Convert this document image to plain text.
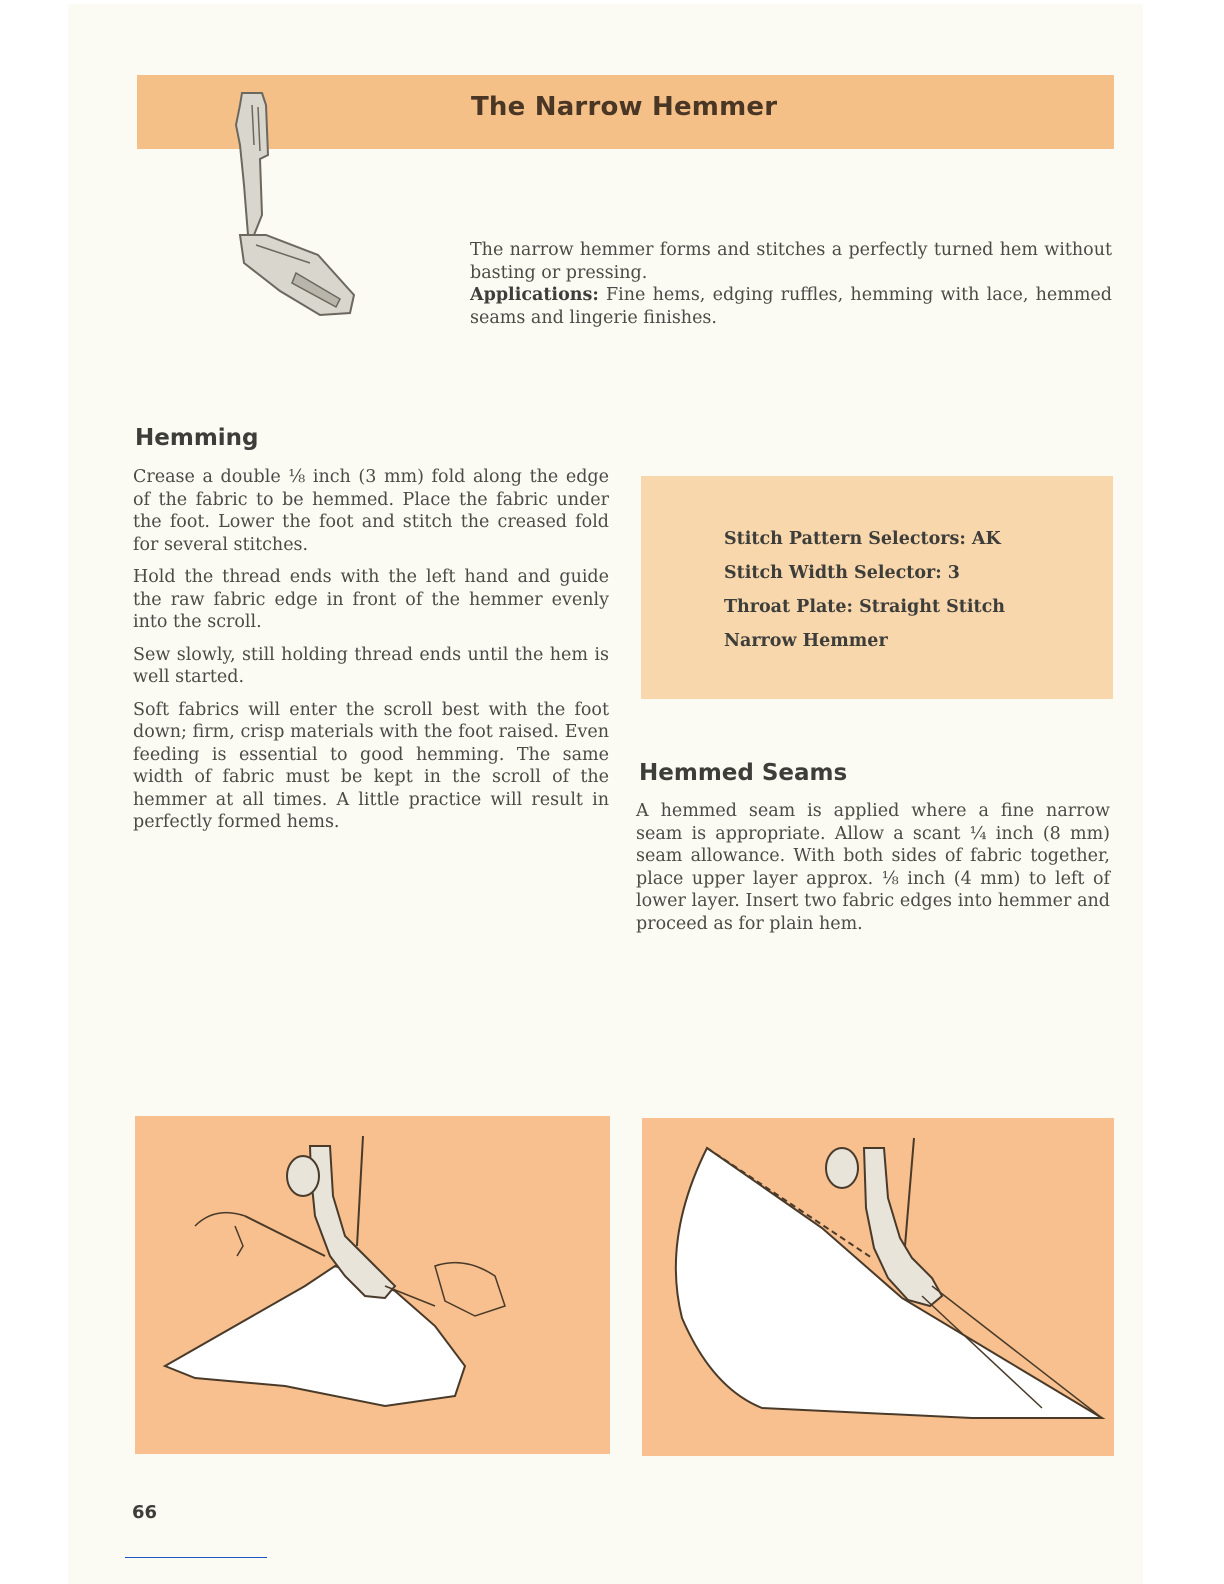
The Narrow Hemmer

The narrow hemmer forms and stitches a perfectly turned hem without basting or pressing.

Applications: Fine hems, edging ruffles, hemming with lace, hemmed seams and lingerie finishes.

Hemming

Crease a double ⅛ inch (3 mm) fold along the edge of the fabric to be hemmed. Place the fabric under the foot. Lower the foot and stitch the creased fold for several stitches.

Hold the thread ends with the left hand and guide the raw fabric edge in front of the hemmer evenly into the scroll.

Sew slowly, still holding thread ends until the hem is well started.

Soft fabrics will enter the scroll best with the foot down; firm, crisp materials with the foot raised. Even feeding is essential to good hemming. The same width of fabric must be kept in the scroll of the hemmer at all times. A little practice will result in perfectly formed hems.

Stitch Pattern Selectors: AK
Stitch Width Selector: 3
Throat Plate: Straight Stitch
Narrow Hemmer
Hemmed Seams

A hemmed seam is applied where a fine narrow seam is appropriate. Allow a scant ¼ inch (8 mm) seam allowance. With both sides of fabric together, place upper layer approx. ⅛ inch (4 mm) to left of lower layer. Insert two fabric edges into hemmer and proceed as for plain hem.

66
